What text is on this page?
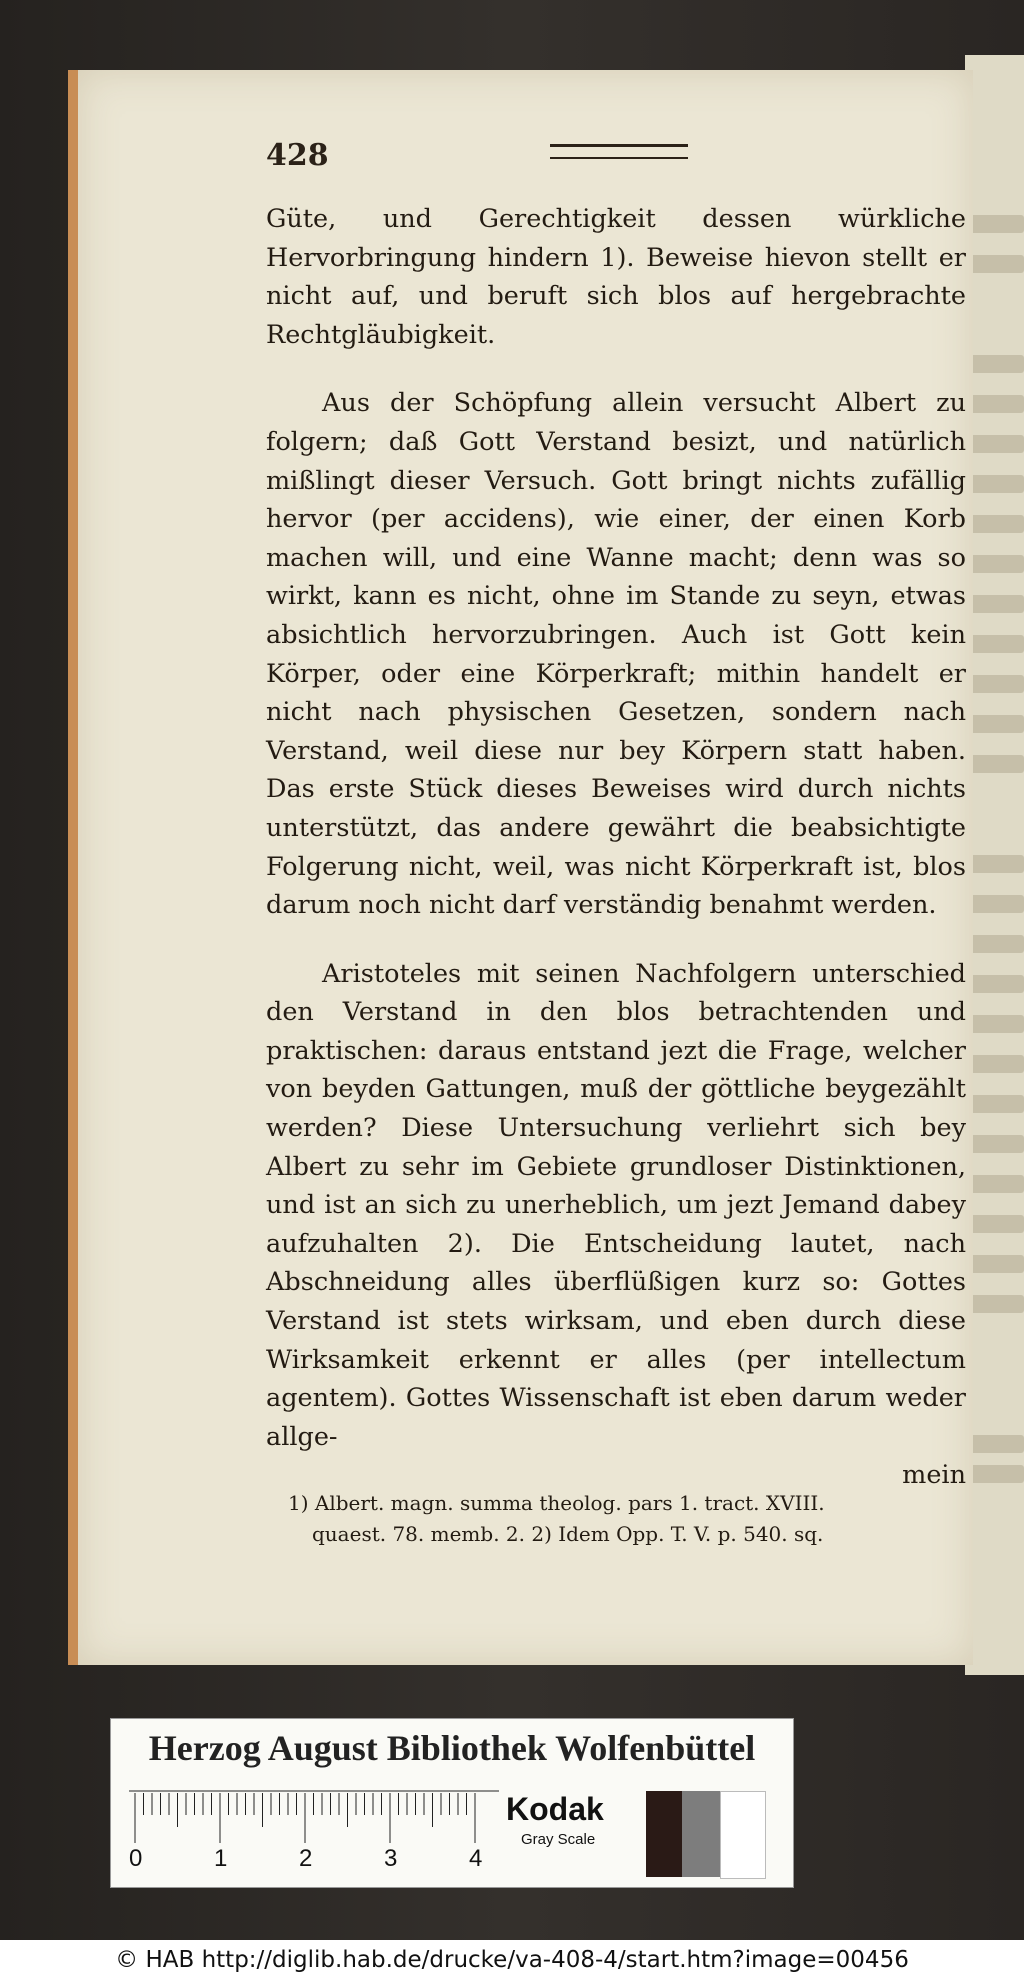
428

Güte, und Gerechtigkeit dessen würkliche Hervorbringung hindern 1). Beweise hievon stellt er nicht auf, und beruft sich blos auf hergebrachte Rechtgläubigkeit.

Aus der Schöpfung allein versucht Albert zu folgern; daß Gott Verstand besizt, und natürlich mißlingt dieser Versuch. Gott bringt nichts zufällig hervor (per accidens), wie einer, der einen Korb machen will, und eine Wanne macht; denn was so wirkt, kann es nicht, ohne im Stande zu seyn, etwas absichtlich hervorzubringen. Auch ist Gott kein Körper, oder eine Körperkraft; mithin handelt er nicht nach physischen Gesetzen, sondern nach Verstand, weil diese nur bey Körpern statt haben. Das erste Stück dieses Beweises wird durch nichts unterstützt, das andere gewährt die beabsichtigte Folgerung nicht, weil, was nicht Körperkraft ist, blos darum noch nicht darf verständig benahmt werden.

Aristoteles mit seinen Nachfolgern unterschied den Verstand in den blos betrachtenden und praktischen: daraus entstand jezt die Frage, welcher von beyden Gattungen, muß der göttliche beygezählt werden? Diese Untersuchung verliehrt sich bey Albert zu sehr im Gebiete grundloser Distinktionen, und ist an sich zu unerheblich, um jezt Jemand dabey aufzuhalten 2). Die Entscheidung lautet, nach Abschneidung alles überflüßigen kurz so: Gottes Verstand ist stets wirksam, und eben durch diese Wirksamkeit erkennt er alles (per intellectum agentem). Gottes Wissenschaft ist eben darum weder allge-

mein

1) Albert. magn. summa theolog. pars 1. tract. XVIII.
quaest. 78. memb. 2. 2) Idem Opp. T. V. p. 540. sq.
Herzog August Bibliothek Wolfenbüttel
0	1	2	3	4
Kodak
Gray Scale
© HAB http://diglib.hab.de/drucke/va-408-4/start.htm?image=00456
